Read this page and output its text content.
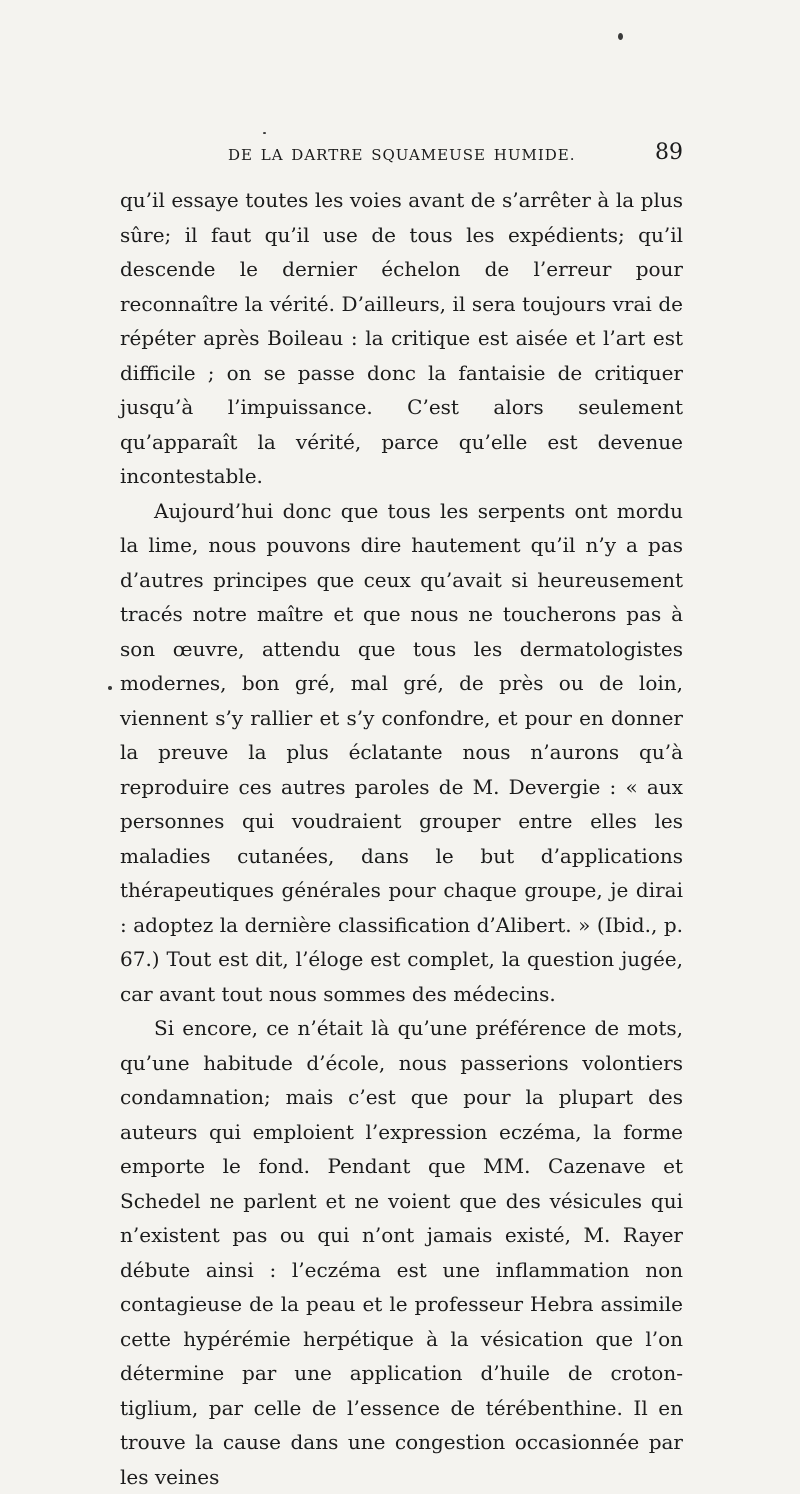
DE LA DARTRE SQUAMEUSE HUMIDE.	89

qu’il essaye toutes les voies avant de s’arrêter à la plus sûre; il faut qu’il use de tous les expédients; qu’il descende le dernier échelon de l’erreur pour reconnaître la vérité. D’ailleurs, il sera toujours vrai de répéter après Boileau : la critique est aisée et l’art est difficile ; on se passe donc la fantaisie de critiquer jusqu’à l’impuissance. C’est alors seulement qu’apparaît la vérité, parce qu’elle est devenue incontestable.

Aujourd’hui donc que tous les serpents ont mordu la lime, nous pouvons dire hautement qu’il n’y a pas d’autres principes que ceux qu’avait si heureusement tracés notre maître et que nous ne toucherons pas à son œuvre, attendu que tous les dermatologistes modernes, bon gré, mal gré, de près ou de loin, viennent s’y rallier et s’y confondre, et pour en donner la preuve la plus éclatante nous n’aurons qu’à reproduire ces autres paroles de M. Devergie : « aux personnes qui voudraient grouper entre elles les maladies cutanées, dans le but d’applications thérapeutiques générales pour chaque groupe, je dirai : adoptez la dernière classification d’Alibert. » (Ibid., p. 67.) Tout est dit, l’éloge est complet, la question jugée, car avant tout nous sommes des médecins.

Si encore, ce n’était là qu’une préférence de mots, qu’une habitude d’école, nous passerions volontiers condamnation; mais c’est que pour la plupart des auteurs qui emploient l’expression eczéma, la forme emporte le fond. Pendant que MM. Cazenave et Schedel ne parlent et ne voient que des vésicules qui n’existent pas ou qui n’ont jamais existé, M. Rayer débute ainsi : l’eczéma est une inflammation non contagieuse de la peau et le professeur Hebra assimile cette hypérémie herpétique à la vésication que l’on détermine par une application d’huile de croton-tiglium, par celle de l’essence de térébenthine. Il en trouve la cause dans une congestion occasionnée par les veines
